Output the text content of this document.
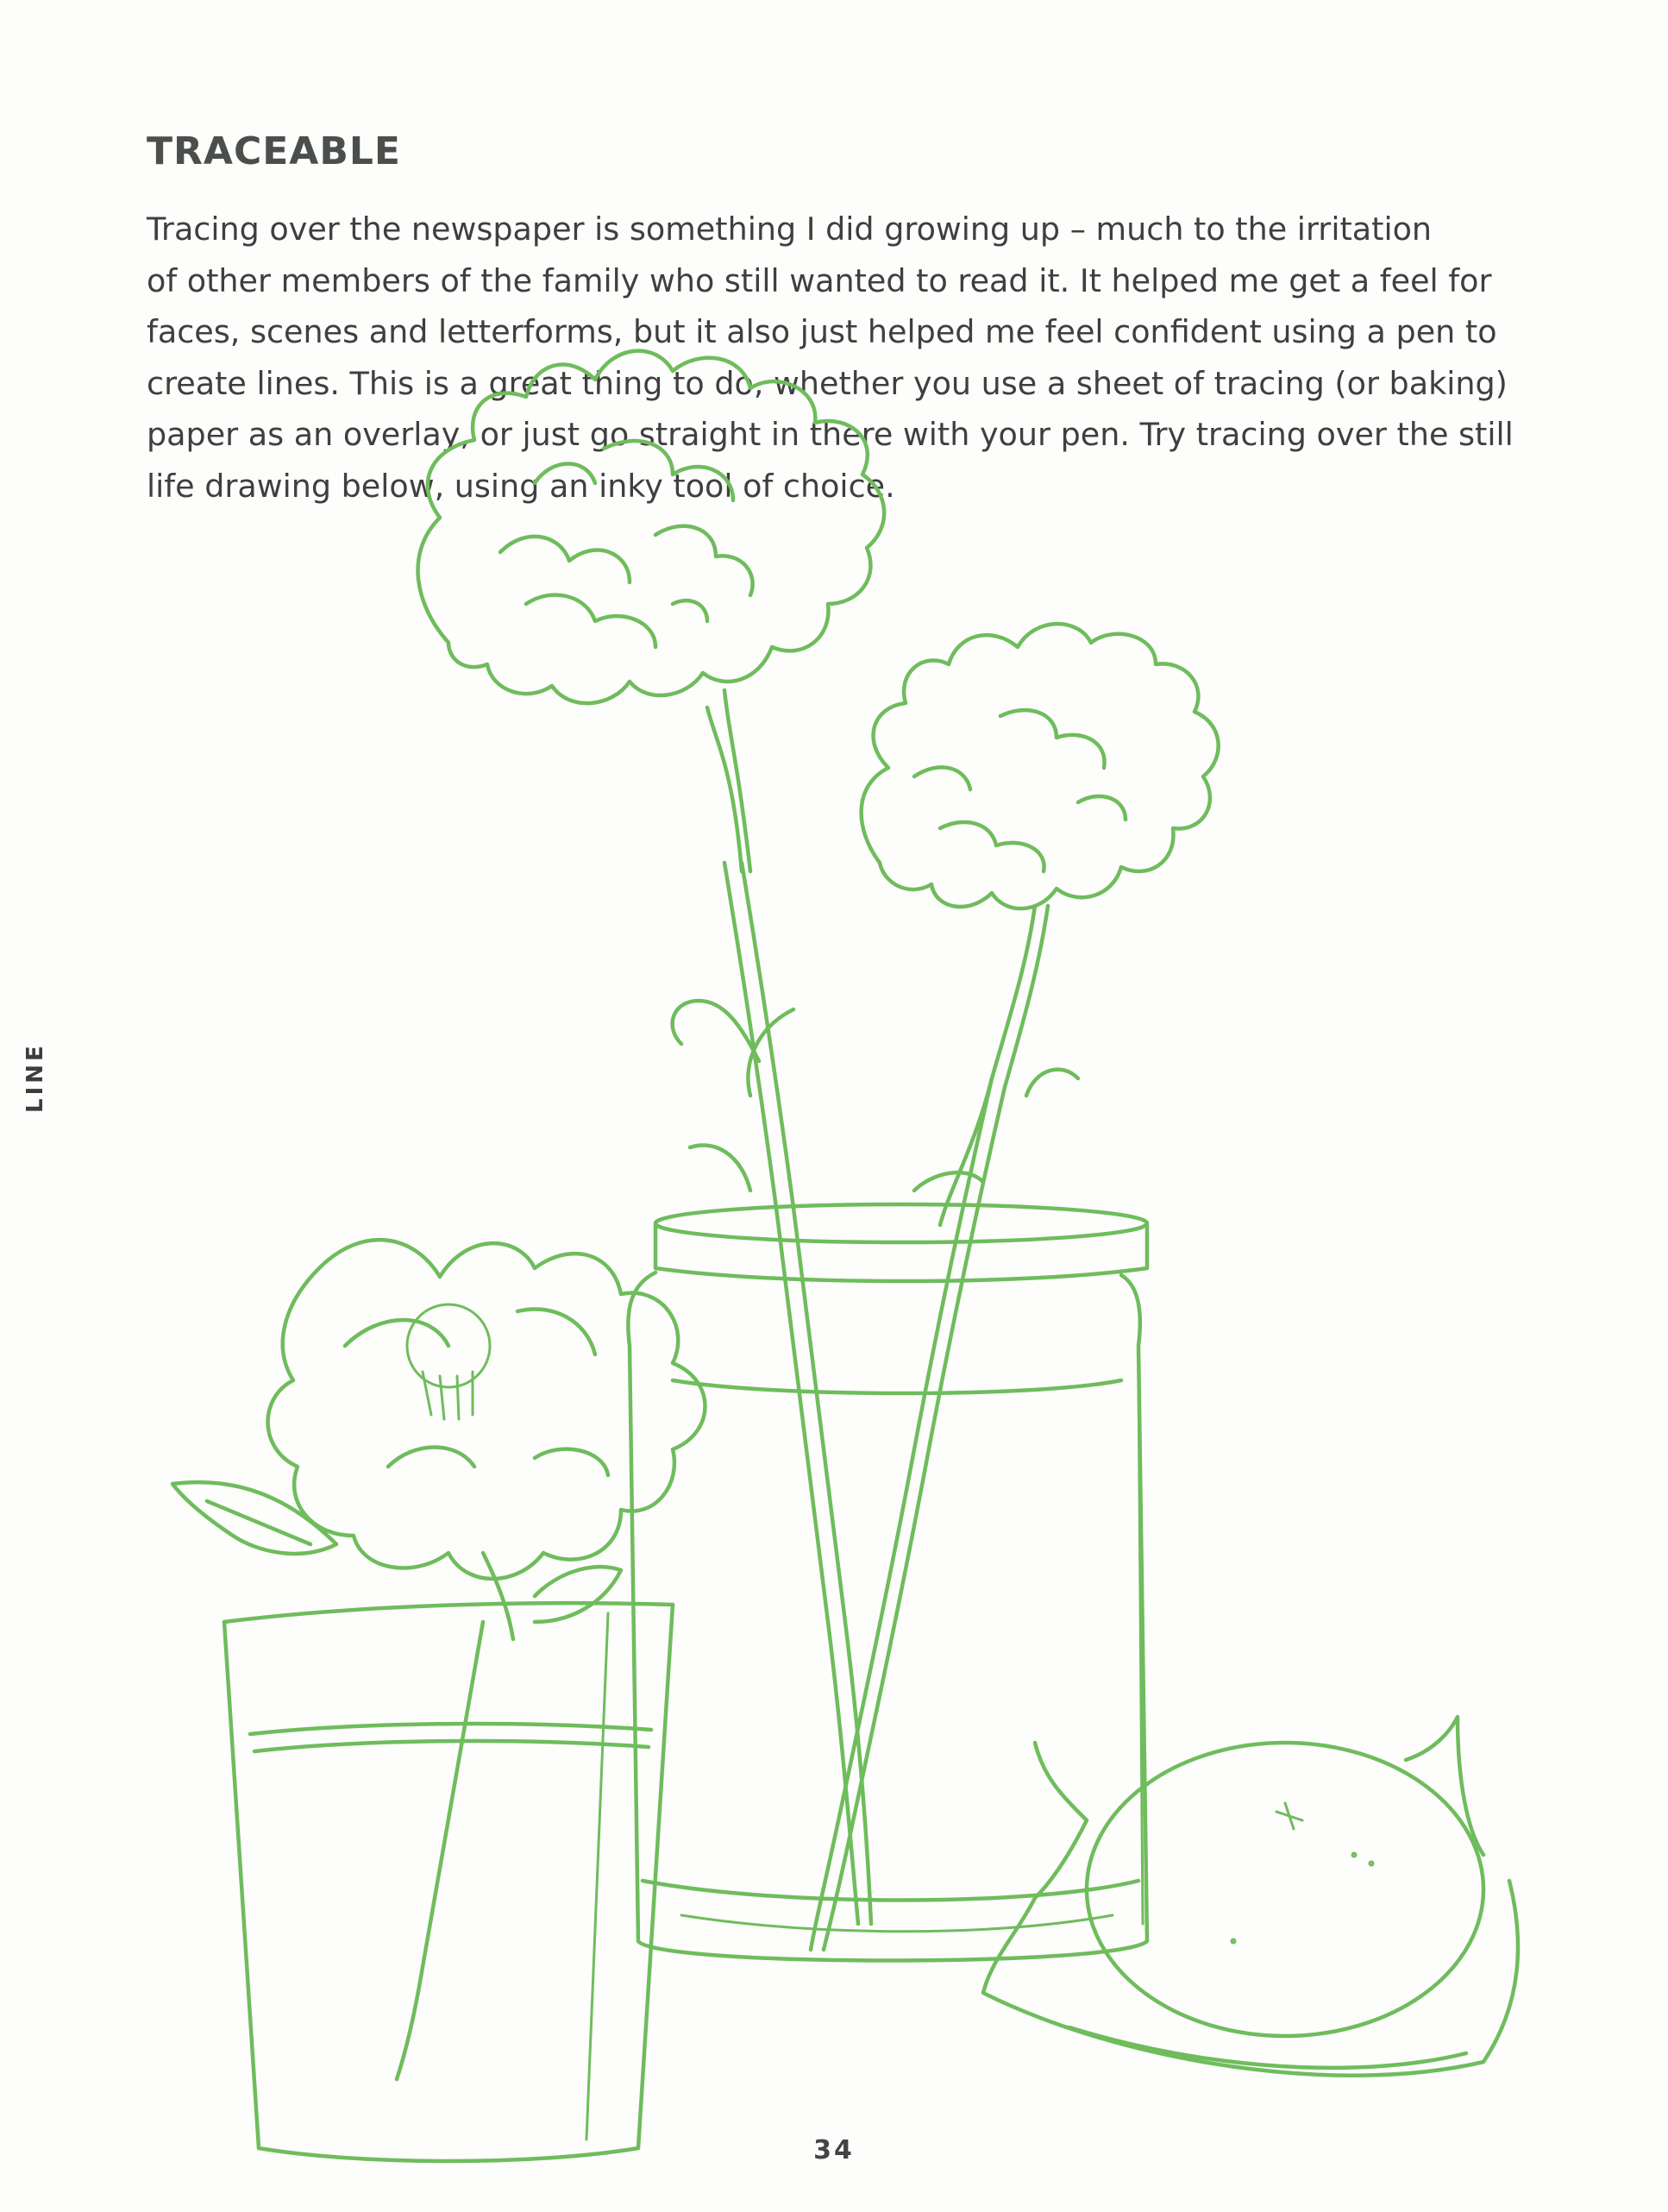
TRACEABLE
Tracing over the newspaper is something I did growing up – much to the irritation
of other members of the family who still wanted to read it. It helped me get a feel for
faces, scenes and letterforms, but it also just helped me feel confident using a pen to
create lines. This is a great thing to do, whether you use a sheet of tracing (or baking)
paper as an overlay, or just go straight in there with your pen. Try tracing over the still
life drawing below, using an inky tool of choice.
LINE
34
